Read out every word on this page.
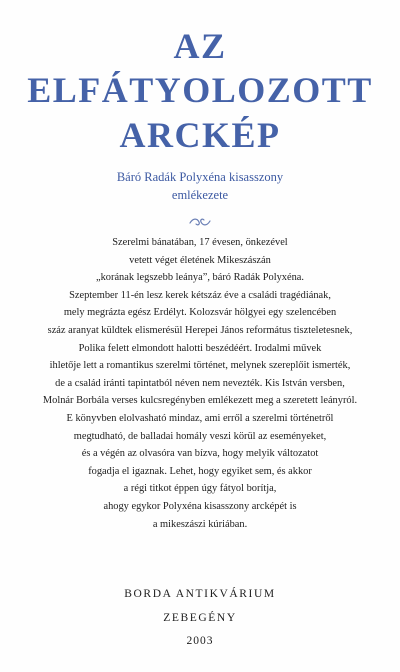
AZ
ELFÁTYOLOZOTT
ARCKÉP
Báró Radák Polyxéna kisasszony
emlékezete
Szerelmi bánatában, 17 évesen, önkezével
vetett véget életének Mikeszászán
„korának legszebb leánya”, báró Radák Polyxéna.
Szeptember 11-én lesz kerek kétszáz éve a családi tragédiának,
mely megrázta egész Erdélyt. Kolozsvár hölgyei egy szelencében
száz aranyat küldtek elismerésül Herepei János református tiszteletesnek,
Polika felett elmondott halotti beszédéért. Irodalmi művek
ihletője lett a romantikus szerelmi történet, melynek szereplőit ismerték,
de a család iránti tapintatból néven nem nevezték. Kis István versben,
Molnár Borbála verses kulcsregényben emlékezett meg a szeretett leányról.
E könyvben elolvasható mindaz, ami erről a szerelmi történetről
megtudható, de balladai homály veszi körül az eseményeket,
és a végén az olvasóra van bízva, hogy melyik változatot
fogadja el igaznak. Lehet, hogy egyiket sem, és akkor
a régi titkot éppen úgy fátyol borítja,
ahogy egykor Polyxéna kisasszony arcképét is
a mikeszászi kúriában.
BORDA ANTIKVÁRIUM
ZEBEGÉNY
2003
